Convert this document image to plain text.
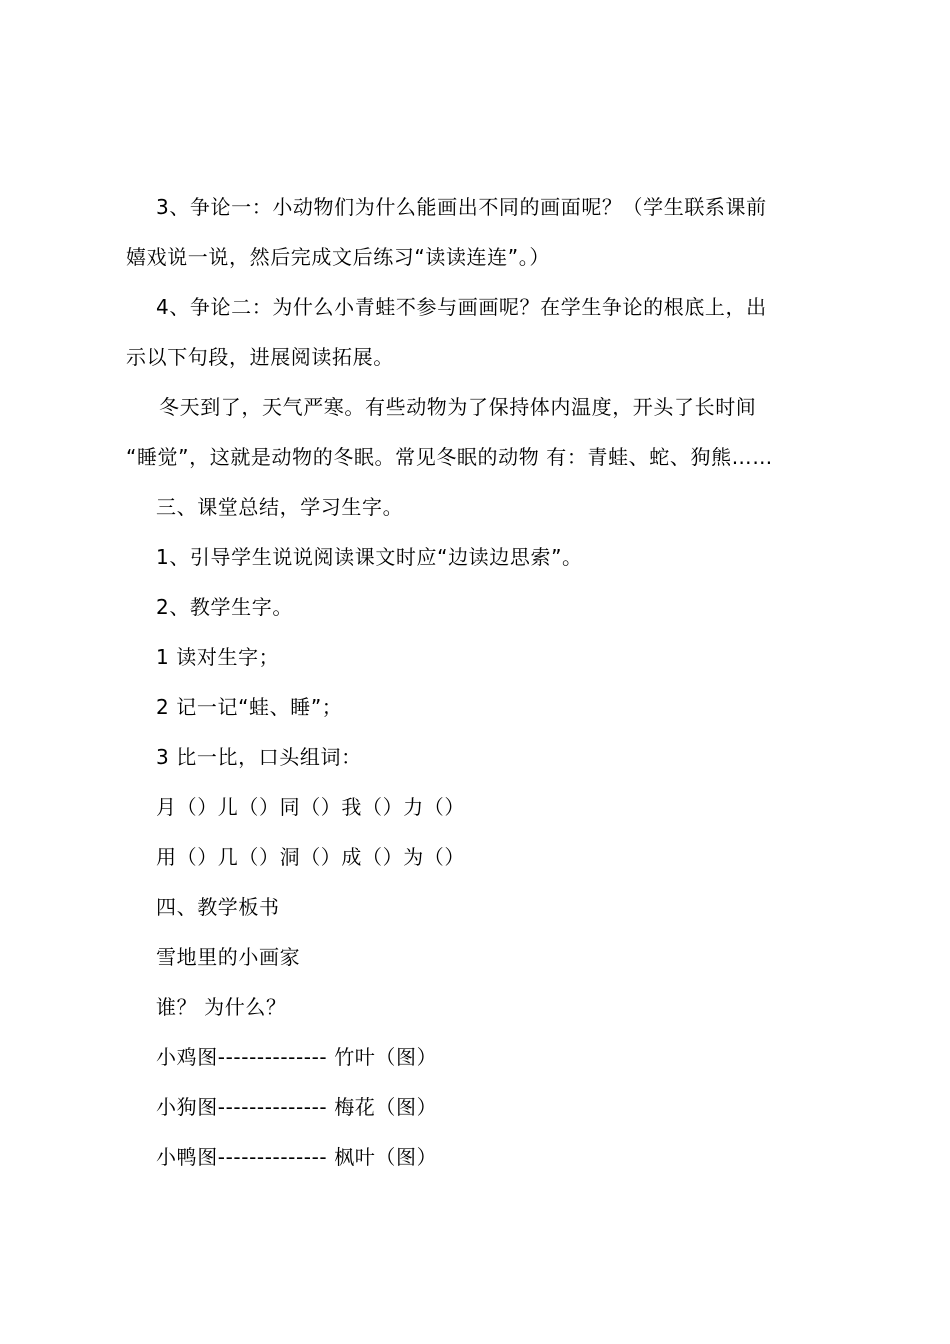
3、争论一：小动物们为什么能画出不同的画面呢？（学生联系课前
嬉戏说一说，然后完成文后练习“读读连连”。）
4、争论二：为什么小青蛙不参与画画呢？在学生争论的根底上，出
示以下句段，进展阅读拓展。
冬天到了，天气严寒。有些动物为了保持体内温度，开头了长时间
“睡觉”，这就是动物的冬眠。常见冬眠的动物 有：青蛙、蛇、狗熊……
三、课堂总结，学习生字。
1、引导学生说说阅读课文时应“边读边思索”。
2、教学生字。
1 读对生字；
2 记一记“蛙、睡”；
3 比一比，口头组词：
月（）儿（）同（）我（）力（）
用（）几（）洞（）成（）为（）
四、教学板书
雪地里的小画家
谁？ 为什么？
小鸡图-------------- 竹叶（图）
小狗图-------------- 梅花（图）
小鸭图-------------- 枫叶（图）
